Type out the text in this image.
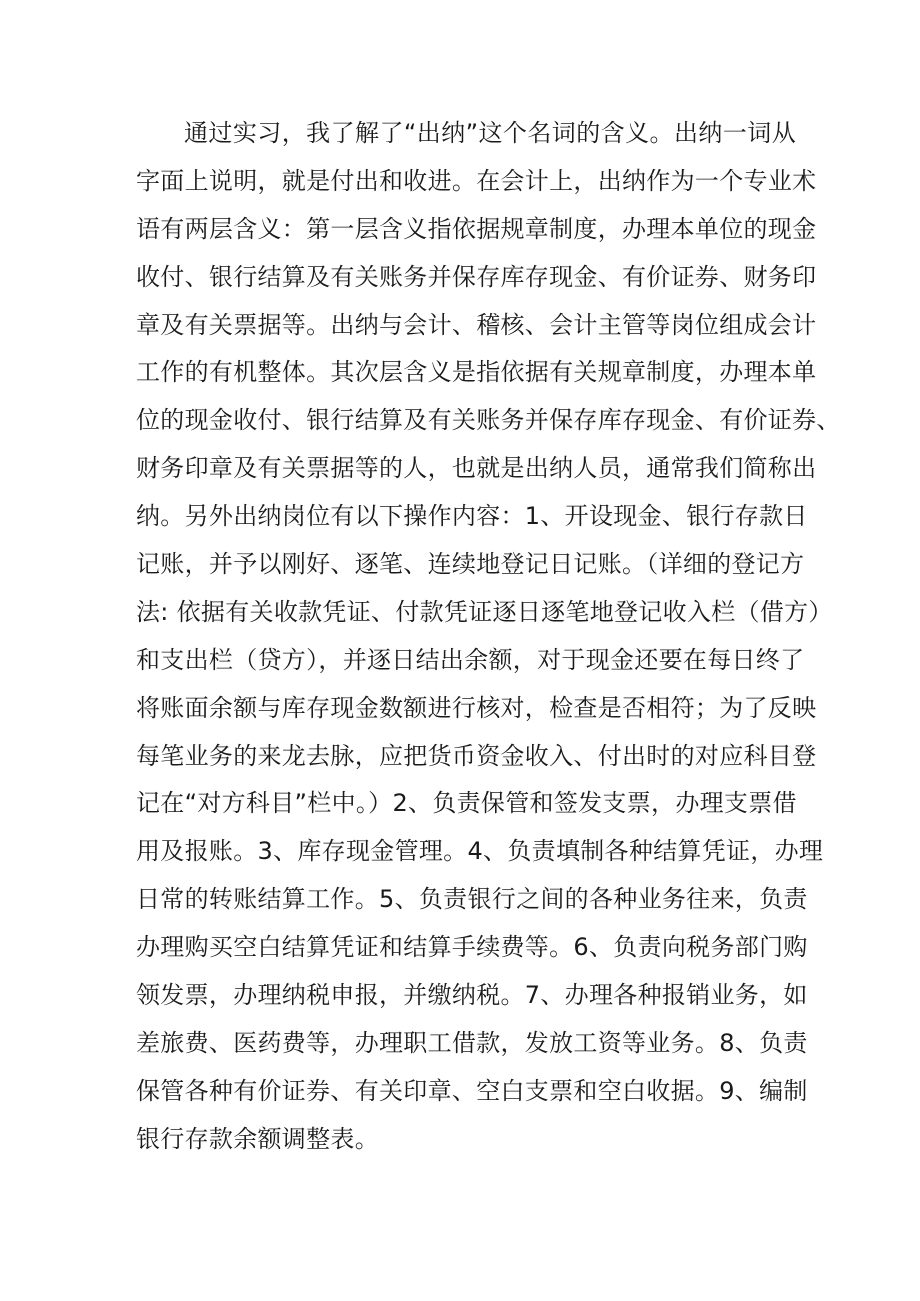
通过实习，我了解了“出纳”这个名词的含义。出纳一词从
字面上说明，就是付出和收进。在会计上，出纳作为一个专业术
语有两层含义：第一层含义指依据规章制度，办理本单位的现金
收付、银行结算及有关账务并保存库存现金、有价证券、财务印
章及有关票据等。出纳与会计、稽核、会计主管等岗位组成会计
工作的有机整体。其次层含义是指依据有关规章制度，办理本单
位的现金收付、银行结算及有关账务并保存库存现金、有价证券、
财务印章及有关票据等的人，也就是出纳人员，通常我们简称出
纳。另外出纳岗位有以下操作内容：1、开设现金、银行存款日
记账，并予以刚好、逐笔、连续地登记日记账。（详细的登记方
法: 依据有关收款凭证、付款凭证逐日逐笔地登记收入栏（借方）
和支出栏（贷方），并逐日结出余额，对于现金还要在每日终了
将账面余额与库存现金数额进行核对，检查是否相符；为了反映
每笔业务的来龙去脉，应把货币资金收入、付出时的对应科目登
记在“对方科目”栏中。）2、负责保管和签发支票，办理支票借
用及报账。3、库存现金管理。4、负责填制各种结算凭证，办理
日常的转账结算工作。5、负责银行之间的各种业务往来，负责
办理购买空白结算凭证和结算手续费等。6、负责向税务部门购
领发票，办理纳税申报，并缴纳税。7、办理各种报销业务，如
差旅费、医药费等，办理职工借款，发放工资等业务。8、负责
保管各种有价证券、有关印章、空白支票和空白收据。9、编制
银行存款余额调整表。
